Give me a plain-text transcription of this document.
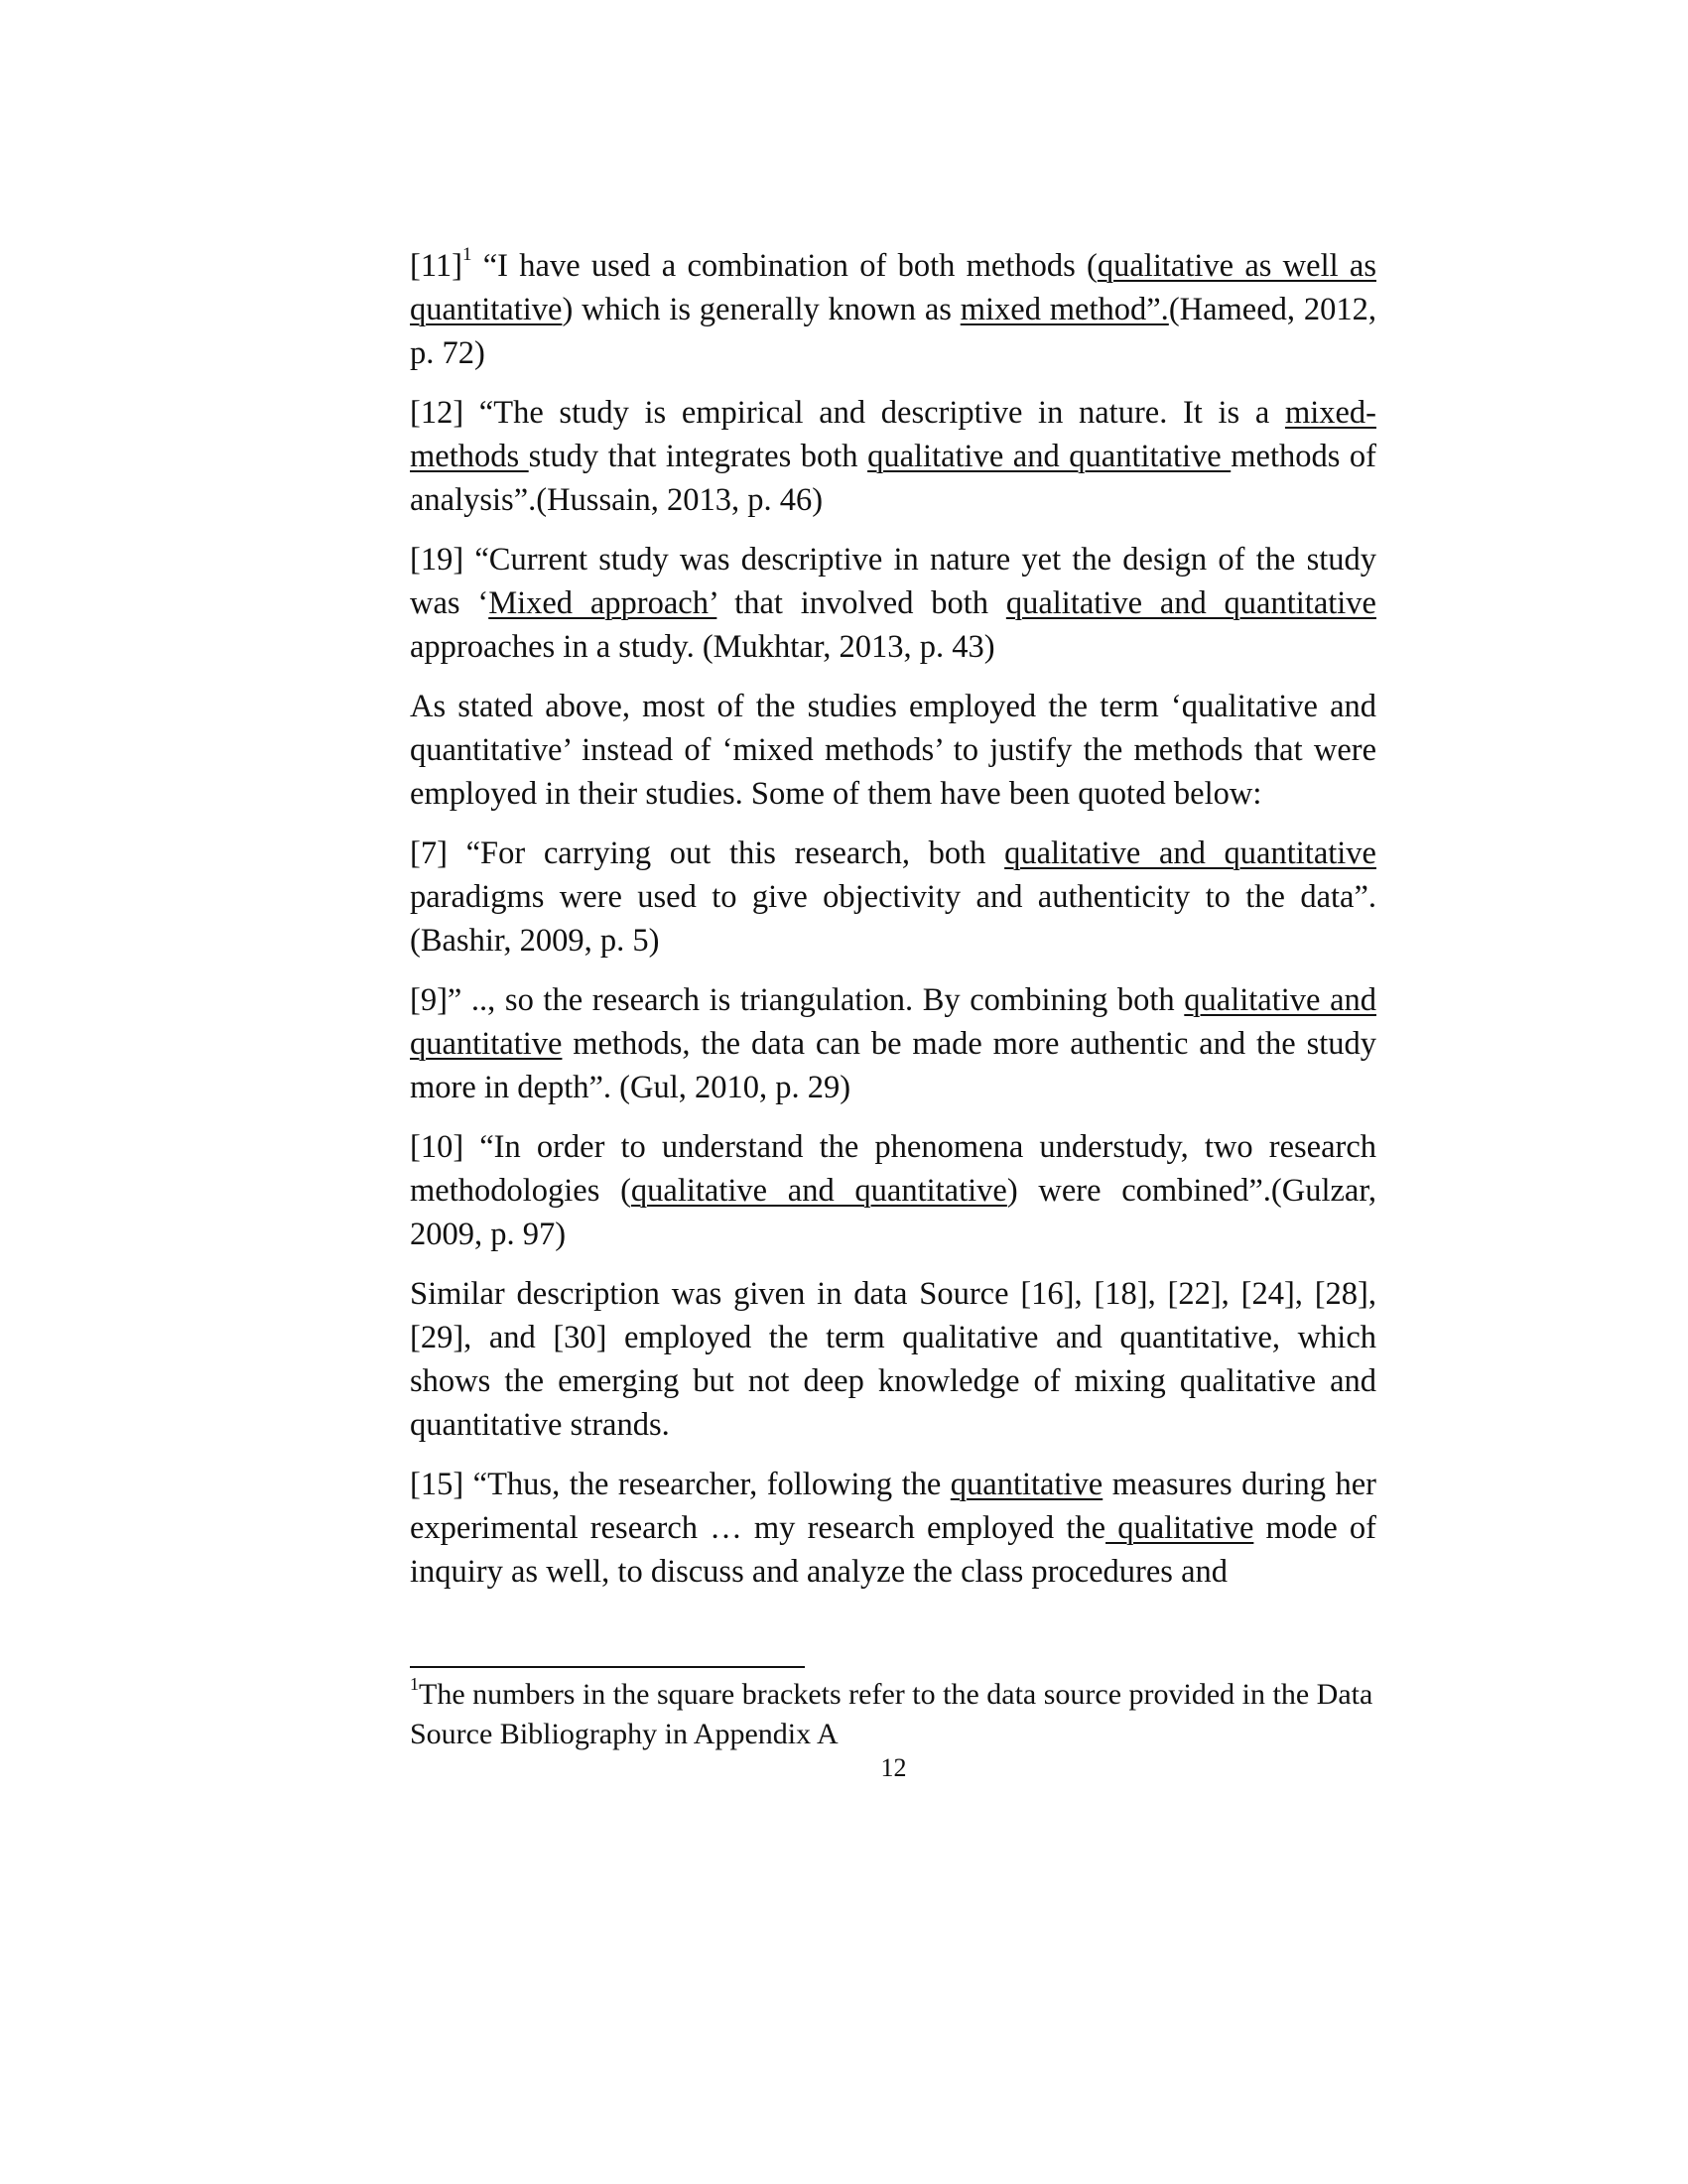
$[11]^1$ “I have used a combination of both methods (qualitative as well as quantitative) which is generally known as mixed method”.(Hameed, 2012, p. 72)

[12] “The study is empirical and descriptive in nature. It is a mixed-methods study that integrates both qualitative and quantitative methods of analysis”.(Hussain, 2013, p. 46)

[19] “Current study was descriptive in nature yet the design of the study was ‘Mixed approach’ that involved both qualitative and quantitative approaches in a study. (Mukhtar, 2013, p. 43)

As stated above, most of the studies employed the term ‘qualitative and quantitative’ instead of ‘mixed methods’ to justify the methods that were employed in their studies. Some of them have been quoted below:

[7] “For carrying out this research, both qualitative and quantitative paradigms were used to give objectivity and authenticity to the data”.(Bashir, 2009, p. 5)

[9]” .., so the research is triangulation. By combining both qualitative and quantitative methods, the data can be made more authentic and the study more in depth”. (Gul, 2010, p. 29)

[10] “In order to understand the phenomena understudy, two research methodologies (qualitative and quantitative) were combined”.(Gulzar, 2009, p. 97)

Similar description was given in data Source [16], [18], [22], [24], [28], [29], and [30] employed the term qualitative and quantitative, which shows the emerging but not deep knowledge of mixing qualitative and quantitative strands.

[15] “Thus, the researcher, following the quantitative measures during her experimental research … my research employed the qualitative mode of inquiry as well, to discuss and analyze the class procedures and

$^1$The numbers in the square brackets refer to the data source provided in the Data Source Bibliography in Appendix A

12
